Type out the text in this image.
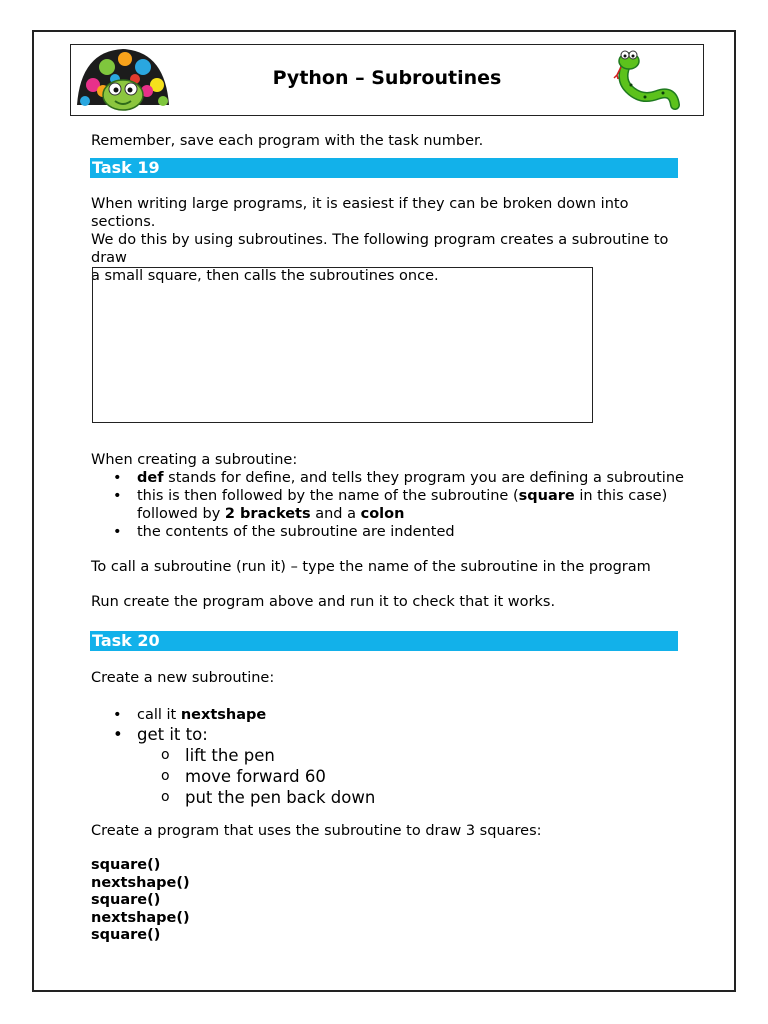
Python – Subroutines
Remember, save each program with the task number.
Task 19
When writing large programs, it is easiest if they can be broken down into sections.
We do this by using subroutines. The following program creates a subroutine to draw
a small square, then calls the subroutines once.
When creating a subroutine:
• def stands for define, and tells they program you are defining a subroutine
• this is then followed by the name of the subroutine (square in this case)
followed by 2 brackets and a colon
• the contents of the subroutine are indented
To call a subroutine (run it) – type the name of the subroutine in the program
Run create the program above and run it to check that it works.
Task 20
Create a new subroutine:
• call it nextshape
• get it to:
o lift the pen
o move forward 60
o put the pen back down
Create a program that uses the subroutine to draw 3 squares:
square()
nextshape()
square()
nextshape()
square()
